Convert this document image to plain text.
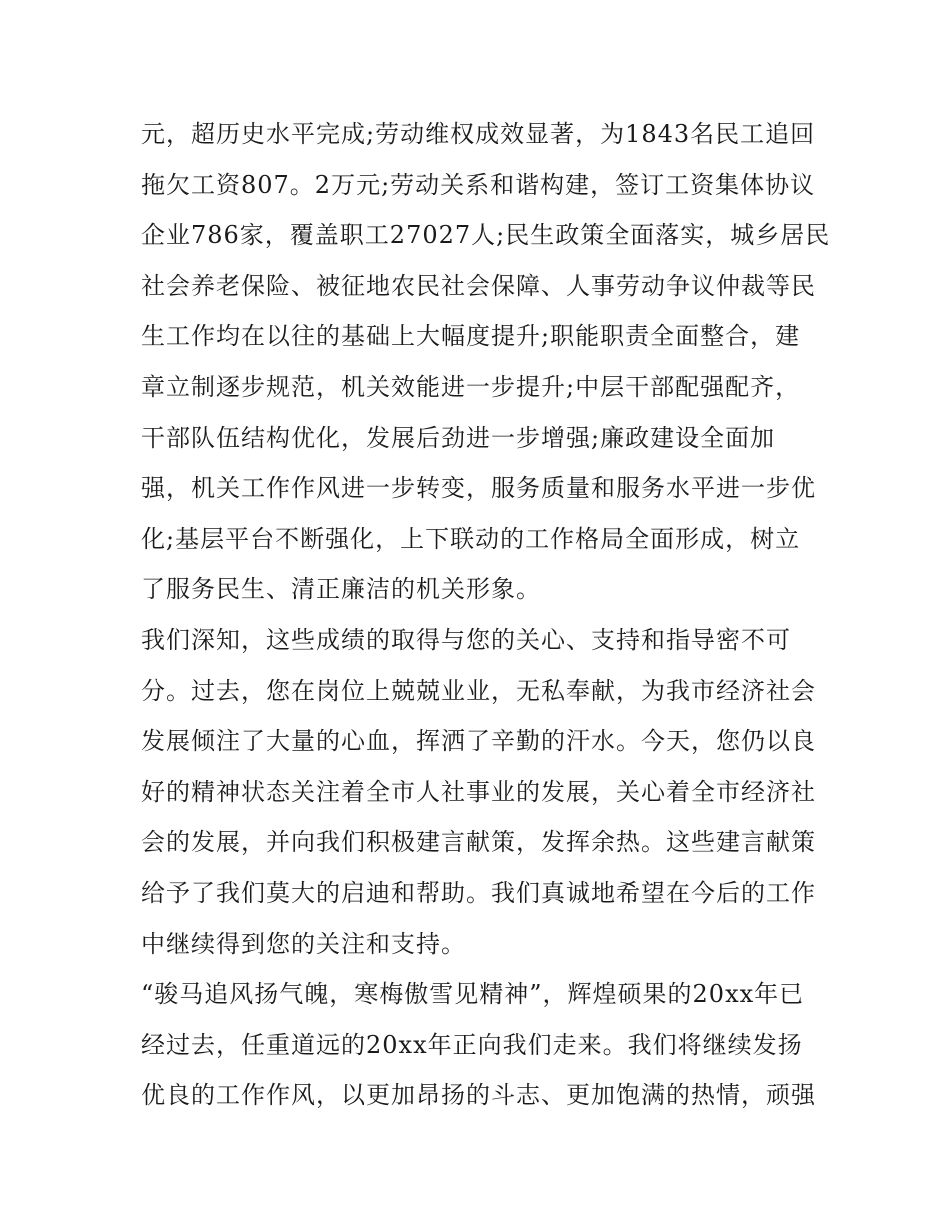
元，超历史水平完成;劳动维权成效显著，为1843名民工追回
拖欠工资807。2万元;劳动关系和谐构建，签订工资集体协议
企业786家，覆盖职工27027人;民生政策全面落实，城乡居民
社会养老保险、被征地农民社会保障、人事劳动争议仲裁等民
生工作均在以往的基础上大幅度提升;职能职责全面整合，建
章立制逐步规范，机关效能进一步提升;中层干部配强配齐，
干部队伍结构优化，发展后劲进一步增强;廉政建设全面加
强，机关工作作风进一步转变，服务质量和服务水平进一步优
化;基层平台不断强化，上下联动的工作格局全面形成，树立
了服务民生、清正廉洁的机关形象。
我们深知，这些成绩的取得与您的关心、支持和指导密不可
分。过去，您在岗位上兢兢业业，无私奉献，为我市经济社会
发展倾注了大量的心血，挥洒了辛勤的汗水。今天，您仍以良
好的精神状态关注着全市人社事业的发展，关心着全市经济社
会的发展，并向我们积极建言献策，发挥余热。这些建言献策
给予了我们莫大的启迪和帮助。我们真诚地希望在今后的工作
中继续得到您的关注和支持。
“骏马追风扬气魄，寒梅傲雪见精神”，辉煌硕果的20xx年已
经过去，任重道远的20xx年正向我们走来。我们将继续发扬
优良的工作作风，以更加昂扬的斗志、更加饱满的热情，顽强
